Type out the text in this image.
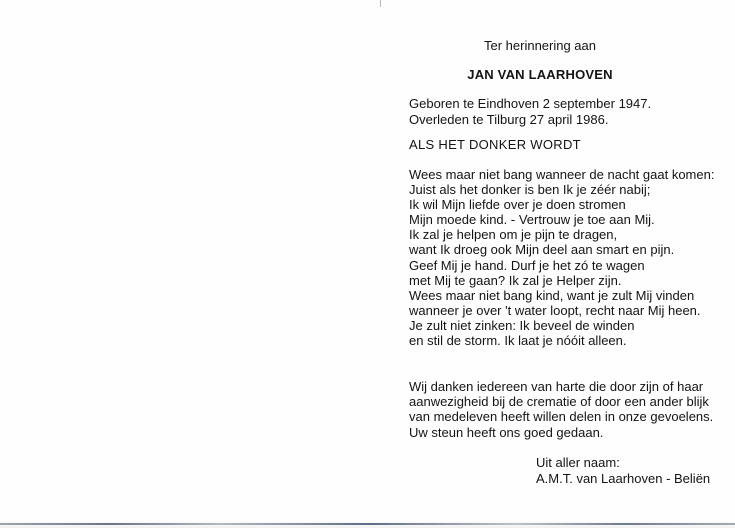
Ter herinnering aan
JAN VAN LAARHOVEN
Geboren te Eindhoven 2 september 1947.
Overleden te Tilburg 27 april 1986.
ALS HET DONKER WORDT
Wees maar niet bang wanneer de nacht gaat komen:
Juist als het donker is ben Ik je zéér nabij;
Ik wil Mijn liefde over je doen stromen
Mijn moede kind. - Vertrouw je toe aan Mij.
Ik zal je helpen om je pijn te dragen,
want Ik droeg ook Mijn deel aan smart en pijn.
Geef Mij je hand. Durf je het zó te wagen
met Mij te gaan? Ik zal je Helper zijn.
Wees maar niet bang kind, want je zult Mij vinden
wanneer je over 't water loopt, recht naar Mij heen.
Je zult niet zinken: Ik beveel de winden
en stil de storm. Ik laat je nóóit alleen.
Wij danken iedereen van harte die door zijn of haar
aanwezigheid bij de crematie of door een ander blijk
van medeleven heeft willen delen in onze gevoelens.
Uw steun heeft ons goed gedaan.
Uit aller naam:
A.M.T. van Laarhoven - Beliën
